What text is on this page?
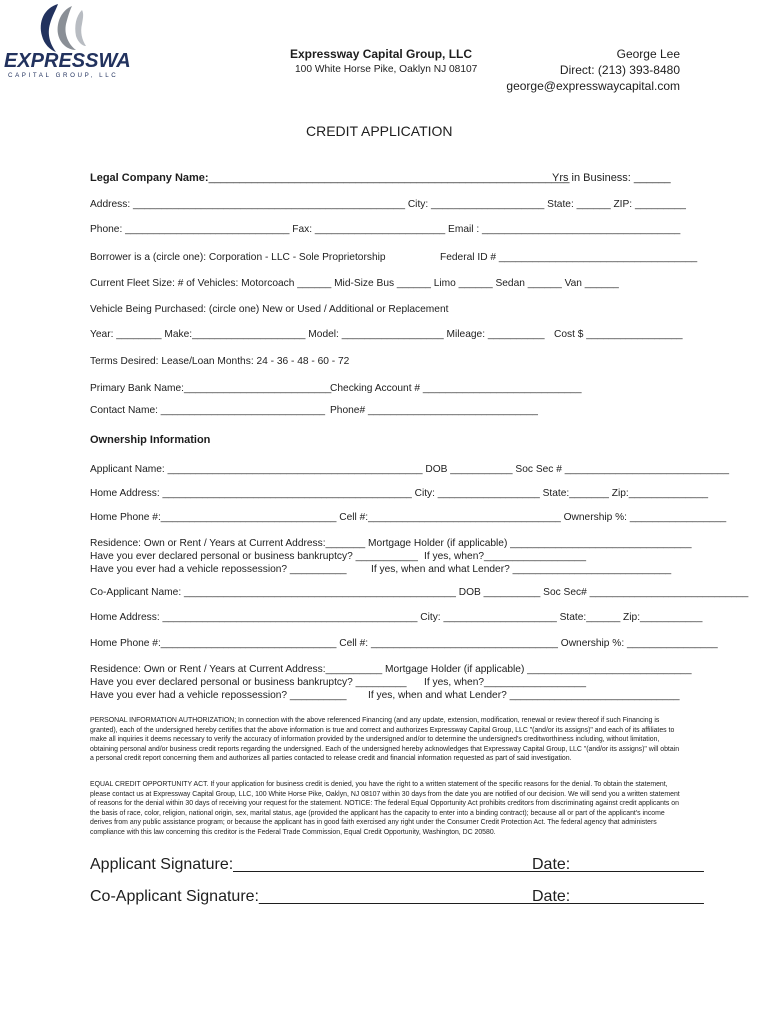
EXPRESSWAY
CAPITAL GROUP, LLC
Expressway Capital Group, LLC
100 White Horse Pike, Oaklyn NJ 08107
George Lee
Direct: (213) 393-8480
george@expresswaycapital.com
CREDIT APPLICATION
Legal Company Name:___________________________________________________________
Yrs in Business: ______
Address: ________________________________________________ City: ____________________ State: ______ ZIP: _________
Phone: _____________________________ Fax: _______________________ Email : ___________________________________
Borrower is a (circle one): Corporation - LLC - Sole Proprietorship	Federal ID # ___________________________________
Current Fleet Size: # of Vehicles: Motorcoach ______ Mid-Size Bus ______ Limo ______ Sedan ______ Van ______
Vehicle Being Purchased: (circle one) New or Used / Additional or Replacement
Year: ________ Make:____________________ Model: __________________ Mileage: __________ Cost $ _________________
Terms Desired: Lease/Loan Months: 24 - 36 - 48 - 60 - 72
Primary Bank Name:__________________________
Checking Account # ____________________________
Contact Name: _____________________________ Phone# ______________________________
Ownership Information
Applicant Name: _____________________________________________ DOB ___________ Soc Sec # _____________________________
Home Address: ____________________________________________ City: __________________ State:_______ Zip:______________
Home Phone #:_______________________________ Cell #:__________________________________ Ownership %: _________________
Residence: Own or Rent / Years at Current Address:_______ Mortgage Holder (if applicable) ________________________________
Have you ever declared personal or business bankruptcy? ___________ If yes, when?__________________
Have you ever had a vehicle repossession? __________ If yes, when and what Lender? ____________________________
Co-Applicant Name: ________________________________________________ DOB __________ Soc Sec# ____________________________
Home Address: _____________________________________________ City: ____________________ State:______ Zip:___________
Home Phone #:_______________________________ Cell #: _________________________________ Ownership %: ________________
Residence: Own or Rent / Years at Current Address:__________ Mortgage Holder (if applicable) _____________________________
Have you ever declared personal or business bankruptcy? _________ If yes, when?__________________
Have you ever had a vehicle repossession? __________ If yes, when and what Lender? ______________________________
PERSONAL INFORMATION AUTHORIZATION; In connection with the above referenced Financing (and any update, extension, modification, renewal or review thereof if such Financing is granted), each of the undersigned hereby certifies that the above information is true and correct and authorizes Expressway Capital Group, LLC "(and/or its assigns)" and each of its affiliates to make all inquiries it deems necessary to verify the accuracy of information provided by the undersigned and/or to determine the undersigned's creditworthiness including, without limitation, obtaining personal and/or business credit reports regarding the undersigned. Each of the undersigned hereby acknowledges that Expressway Capital Group, LLC "(and/or its assigns)" will obtain a personal credit report concerning them and authorizes all parties contacted to release credit and financial information requested as part of said investigation.
EQUAL CREDIT OPPORTUNITY ACT. If your application for business credit is denied, you have the right to a written statement of the specific reasons for the denial. To obtain the statement, please contact us at Expressway Capital Group, LLC, 100 White Horse Pike, Oaklyn, NJ 08107 within 30 days from the date you are notified of our decision. We will send you a written statement of reasons for the denial within 30 days of receiving your request for the statement. NOTICE: The federal Equal Opportunity Act prohibits creditors from discriminating against credit applicants on the basis of race, color, religion, national origin, sex, marital status, age (provided the applicant has the capacity to enter into a binding contract); because all or part of the applicant's income derives from any public assistance program; or because the applicant has in good faith exercised any right under the Consumer Credit Protection Act. The federal agency that administers compliance with this law concerning this creditor is the Federal Trade Commission, Equal Credit Opportunity, Washington, DC 20580.
Applicant Signature:_______________________________________
Date:_______________
Co-Applicant Signature:____________________________________
Date:_______________
